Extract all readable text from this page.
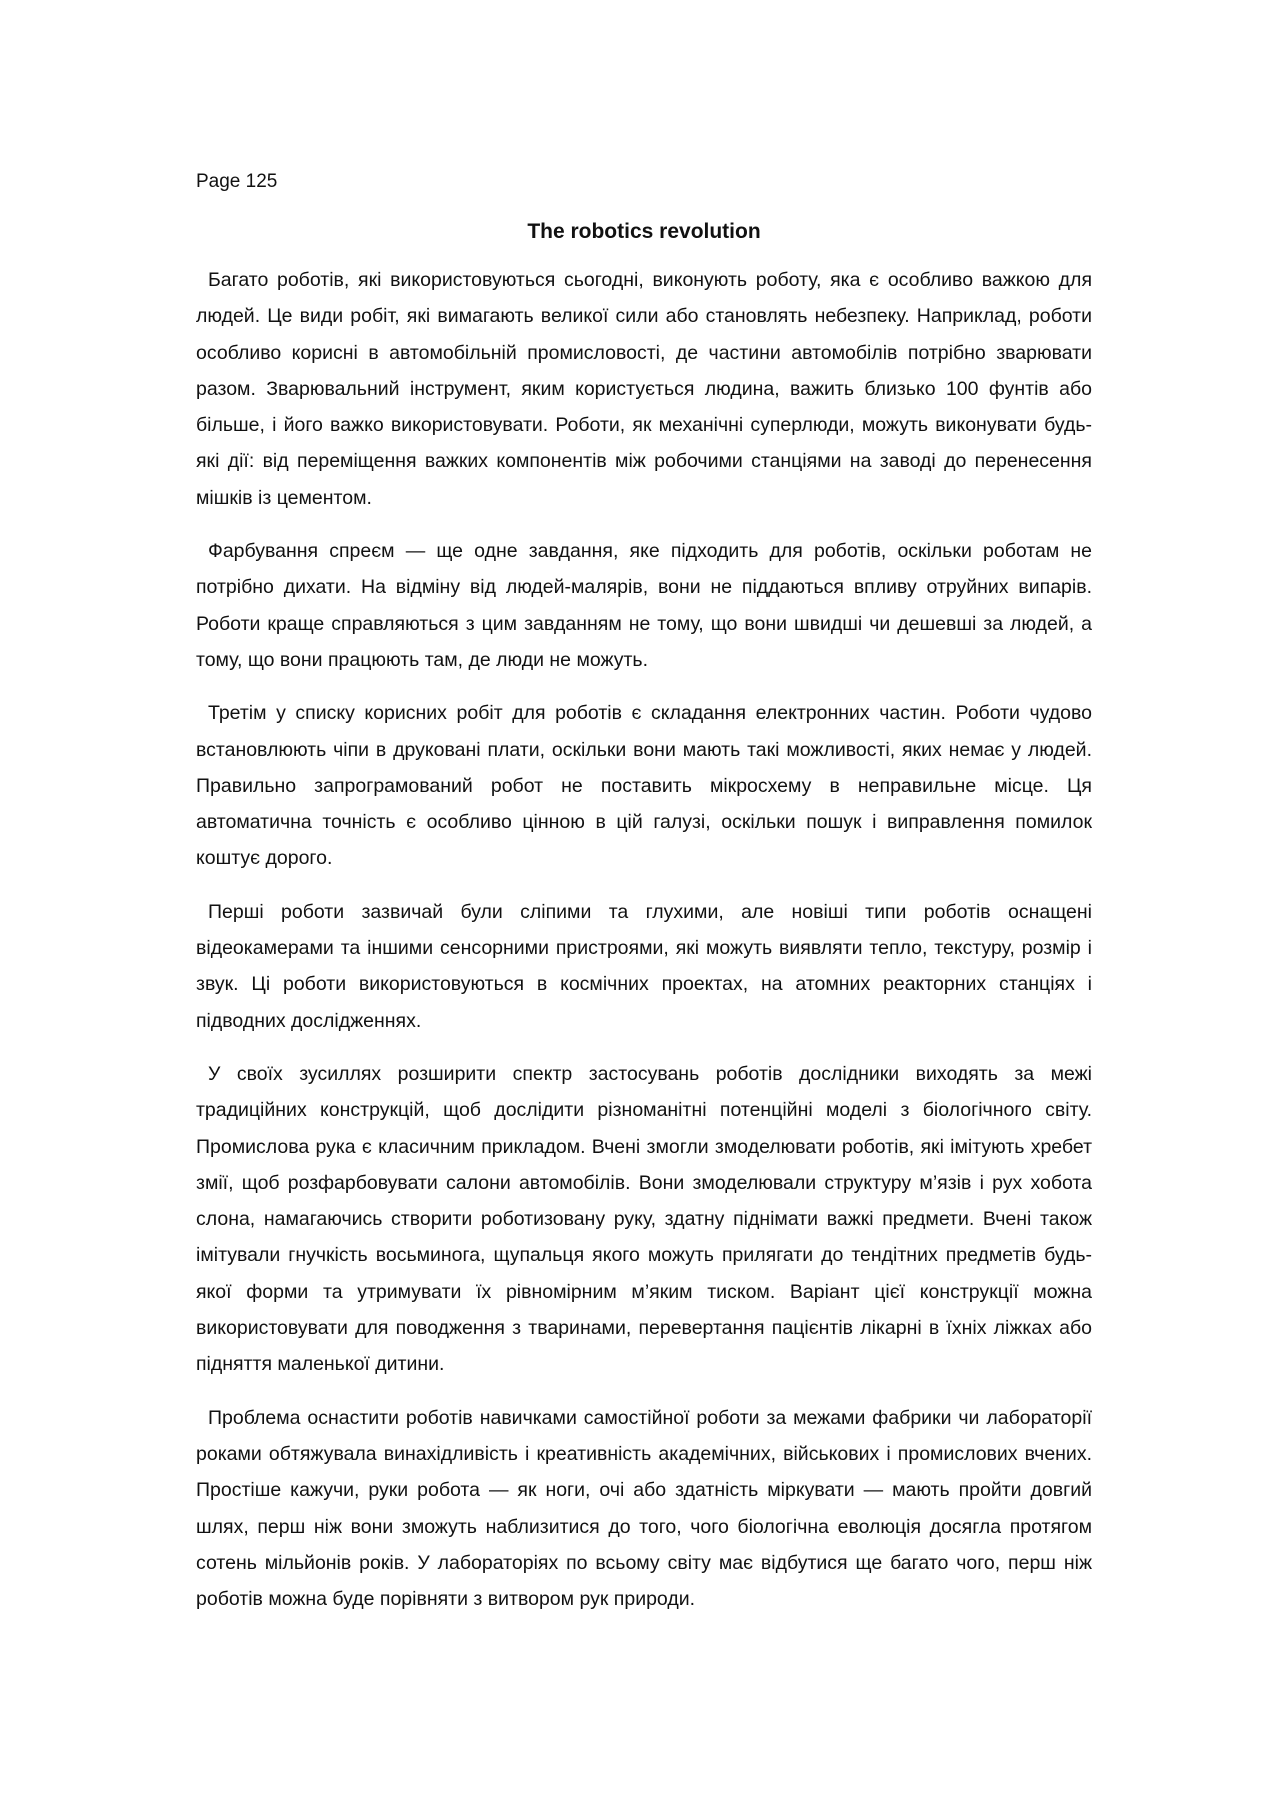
Page 125
The robotics revolution

Багато роботів, які використовуються сьогодні, виконують роботу, яка є особливо важкою для людей. Це види робіт, які вимагають великої сили або становлять небезпеку. Наприклад, роботи особливо корисні в автомобільній промисловості, де частини автомобілів потрібно зварювати разом. Зварювальний інструмент, яким користується людина, важить близько 100 фунтів або більше, і його важко використовувати. Роботи, як механічні суперлюди, можуть виконувати будь-які дії: від переміщення важких компонентів між робочими станціями на заводі до перенесення мішків із цементом.

Фарбування спреєм — ще одне завдання, яке підходить для роботів, оскільки роботам не потрібно дихати. На відміну від людей-малярів, вони не піддаються впливу отруйних випарів. Роботи краще справляються з цим завданням не тому, що вони швидші чи дешевші за людей, а тому, що вони працюють там, де люди не можуть.

Третім у списку корисних робіт для роботів є складання електронних частин. Роботи чудово встановлюють чіпи в друковані плати, оскільки вони мають такі можливості, яких немає у людей. Правильно запрограмований робот не поставить мікросхему в неправильне місце. Ця автоматична точність є особливо цінною в цій галузі, оскільки пошук і виправлення помилок коштує дорого.

Перші роботи зазвичай були сліпими та глухими, але новіші типи роботів оснащені відеокамерами та іншими сенсорними пристроями, які можуть виявляти тепло, текстуру, розмір і звук. Ці роботи використовуються в космічних проектах, на атомних реакторних станціях і підводних дослідженнях.

У своїх зусиллях розширити спектр застосувань роботів дослідники виходять за межі традиційних конструкцій, щоб дослідити різноманітні потенційні моделі з біологічного світу. Промислова рука є класичним прикладом. Вчені змогли змоделювати роботів, які імітують хребет змії, щоб розфарбовувати салони автомобілів. Вони змоделювали структуру м’язів і рух хобота слона, намагаючись створити роботизовану руку, здатну піднімати важкі предмети. Вчені також імітували гнучкість восьминога, щупальця якого можуть прилягати до тендітних предметів будь-якої форми та утримувати їх рівномірним м’яким тиском. Варіант цієї конструкції можна використовувати для поводження з тваринами, перевертання пацієнтів лікарні в їхніх ліжках або підняття маленької дитини.

Проблема оснастити роботів навичками самостійної роботи за межами фабрики чи лабораторії роками обтяжувала винахідливість і креативність академічних, військових і промислових вчених. Простіше кажучи, руки робота — як ноги, очі або здатність міркувати — мають пройти довгий шлях, перш ніж вони зможуть наблизитися до того, чого біологічна еволюція досягла протягом сотень мільйонів років. У лабораторіях по всьому світу має відбутися ще багато чого, перш ніж роботів можна буде порівняти з витвором рук природи.
